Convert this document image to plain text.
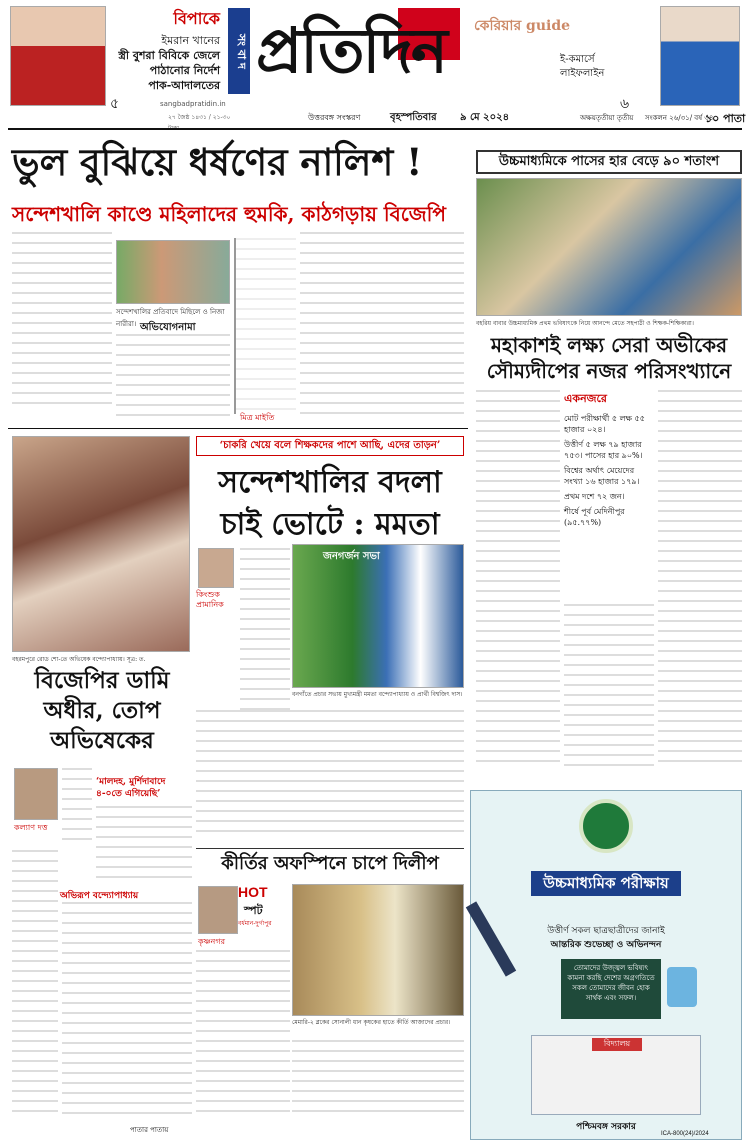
বিপাকে
ইমরান খানের
স্ত্রী বুশরা বিবিকে জেলে
পাঠানোর নির্দেশ
পাক-আদালতের
৫
সং বা দ প্রতিদিন কেরিয়ার guide
ই-কমার্সে
লাইফলাইন
৬
sangbadpratidin.in
২৭ জৈষ্ঠ ১৪৩১ / ২১-৩০	উত্তরবঙ্গ সংস্করণ	বৃহস্পতিবার ৯ মে ২০২৪	অক্ষয়তৃতীয়া তৃতীয় সংকলন ২৬/৩১/ বর্ষ ৩৪
১০ পাতা
ভুল বুঝিয়ে ধর্ষণের নালিশ !
সন্দেশখালি কাণ্ডে মহিলাদের হুমকি, কাঠগড়ায় বিজেপি
সন্দেশখালির প্রতিবাদে মিছিলে ও নিজা নারীরা। অভিযোগনামা
মিত্র মাইতি
উচ্চমাধ্যমিকে পাসের হার বেড়ে ৯০ শতাংশ
বহরিয় বাবার উচ্চমাধ্যমিক প্রথম ভবিষ্যৎকে নিয়ে আনন্দে মেতে সহপাঠী ও শিক্ষক-শিক্ষিকারা।
মহাকাশই লক্ষ্য সেরা অভীকের সৌম্যদীপের নজর পরিসংখ্যানে
একনজরে
মোট পরীক্ষার্থী ৫ লক্ষ ৫৫ হাজার ০২৪।
উত্তীর্ণ ৫ লক্ষ ৭৯ হাজার ৭৫৩। পাসের হার ৯০%।
বিশ্বের অর্থাৎ মেয়েদের সংখ্যা ১৬ হাজার ১৭৯।
প্রথম দশে ৭২ জন।
শীর্ষে পূর্ব মেদিনীপুর (৯৫.৭৭%)
বহরমপুরে রোড শো-তে অভিষেক বন্দ্যোপাধ্যায়। সূত্র: ত.
‘চাকরি খেয়ে বলে শিক্ষকদের পাশে আছি, এদের তাড়ন’
সন্দেশখালির বদলা চাই ভোটে : মমতা
কিংশুক প্রামানিক
জনগর্জন সভা
বনগাঁতে প্রচার সভায় মুখ্যমন্ত্রী মমতা বন্দ্যোপাধ্যায় ও প্রার্থী বিশ্বজিৎ দাস।
বিজেপির ডামি অধীর, তোপ অভিষেকের
কল্যাণ দত্ত
‘মালদহ, মুর্শিদাবাদে ৪-০তে এগিয়েছি’
অভিরূপ বন্দ্যোপাধ্যায়
পাতার পাতায়
কীর্তির অফস্পিনে চাপে দিলীপ
কৃষ্ণনগর
HOT
স্পট
বর্ধমান-দুর্গাপুর
মেমারি-২ ব্লকের সোনালী ধান কৃষকের হাতে কীর্তি আজাদের প্রচার।
উচ্চমাধ্যমিক পরীক্ষায়
উত্তীর্ণ সকল ছাত্রছাত্রীদের জানাই
আন্তরিক শুভেচ্ছা ও অভিনন্দন
তোমাদের উজ্জ্বল ভবিষ্যৎ কামনা করছি দেশের অগ্রগতিতে সকল তোমাদের জীবন হোক সার্থক এবং সফল।
বিদ্যালয়
পশ্চিমবঙ্গ সরকার
ICA-800(24)/2024
